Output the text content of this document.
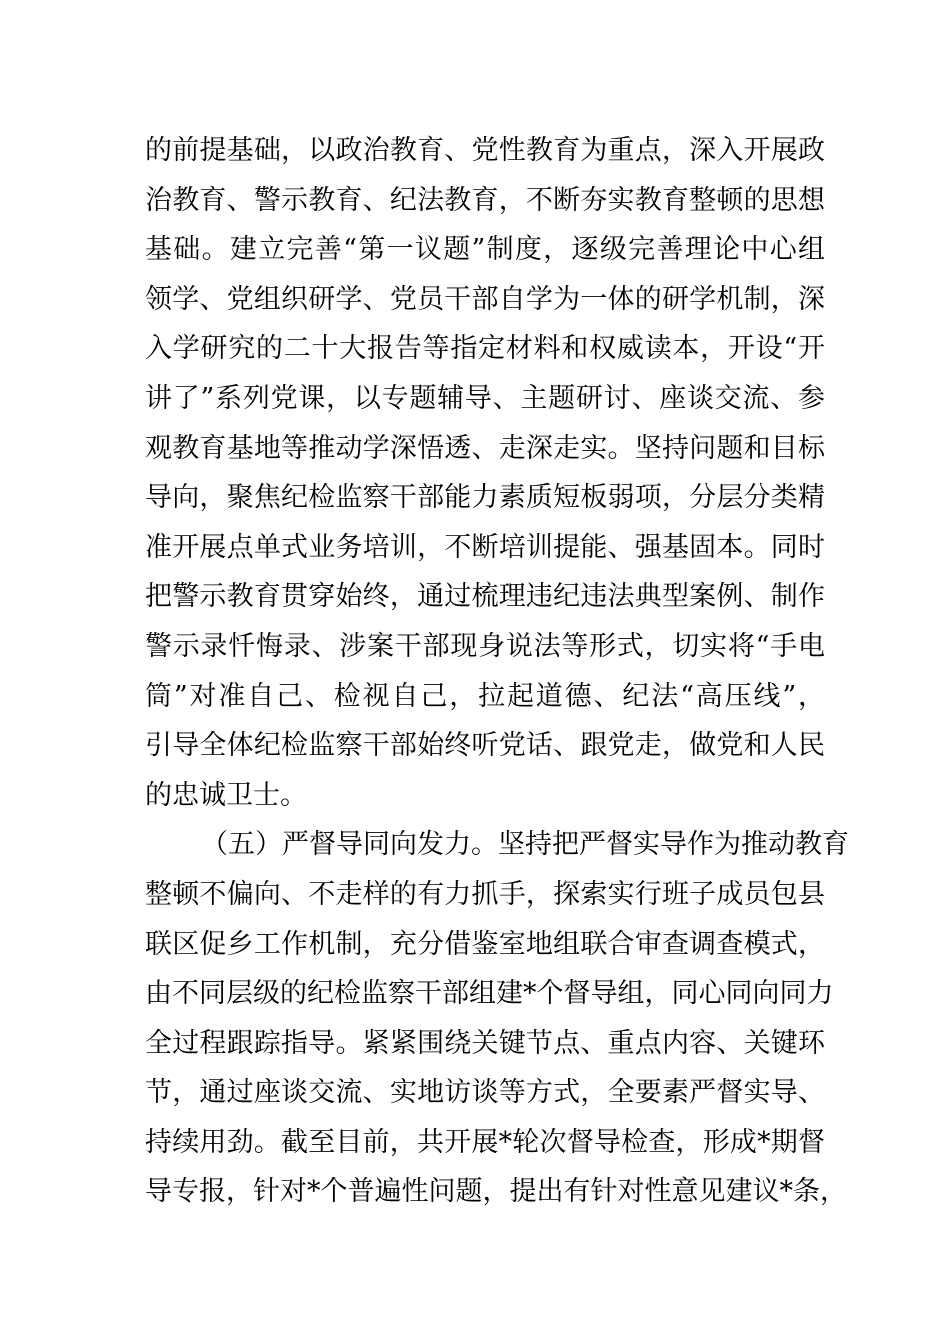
的前提基础，以政治教育、党性教育为重点，深入开展政
治教育、警示教育、纪法教育，不断夯实教育整顿的思想
基础。建立完善“第一议题”制度，逐级完善理论中心组
领学、党组织研学、党员干部自学为一体的研学机制，深
入学研究的二十大报告等指定材料和权威读本，开设“开
讲了”系列党课，以专题辅导、主题研讨、座谈交流、参
观教育基地等推动学深悟透、走深走实。坚持问题和目标
导向，聚焦纪检监察干部能力素质短板弱项，分层分类精
准开展点单式业务培训，不断培训提能、强基固本。同时
把警示教育贯穿始终，通过梳理违纪违法典型案例、制作
警示录忏悔录、涉案干部现身说法等形式，切实将“手电
筒”对准自己、检视自己，拉起道德、纪法“高压线”，
引导全体纪检监察干部始终听党话、跟党走，做党和人民
的忠诚卫士。
（五）严督导同向发力。坚持把严督实导作为推动教育
整顿不偏向、不走样的有力抓手，探索实行班子成员包县
联区促乡工作机制，充分借鉴室地组联合审查调查模式，
由不同层级的纪检监察干部组建*个督导组，同心同向同力
全过程跟踪指导。紧紧围绕关键节点、重点内容、关键环
节，通过座谈交流、实地访谈等方式，全要素严督实导、
持续用劲。截至目前，共开展*轮次督导检查，形成*期督
导专报，针对*个普遍性问题，提出有针对性意见建议*条，
